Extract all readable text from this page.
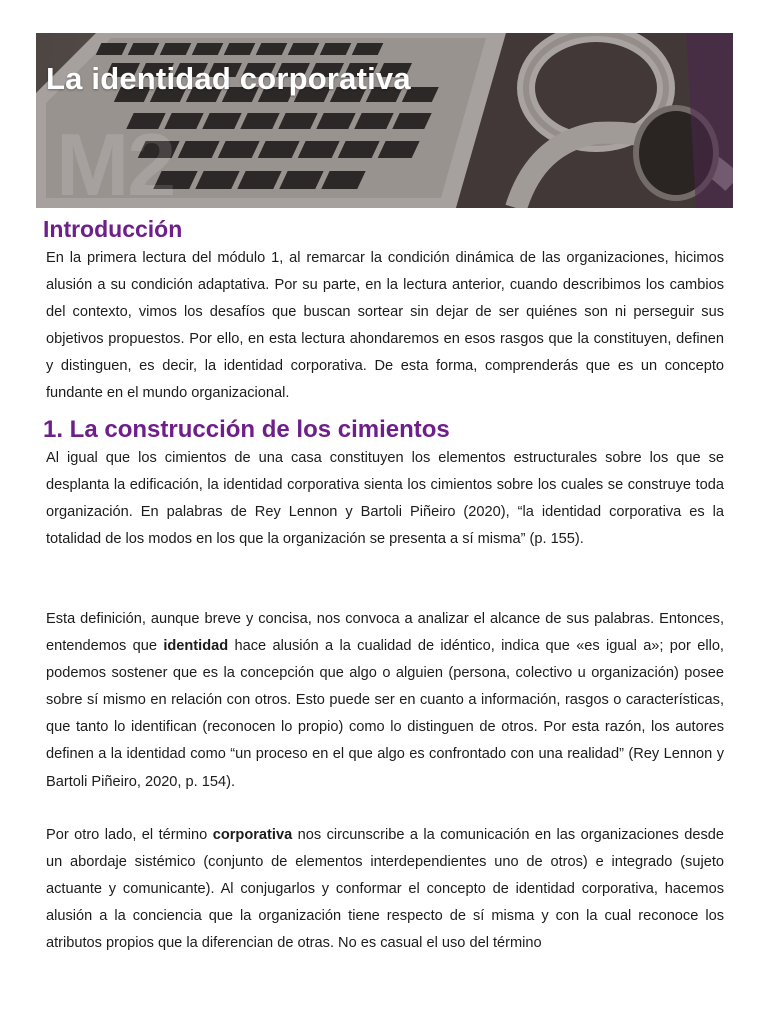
M2
La identidad corporativa
Introducción

En la primera lectura del módulo 1, al remarcar la condición dinámica de las organizaciones, hicimos alusión a su condición adaptativa. Por su parte, en la lectura anterior, cuando describimos los cambios del contexto, vimos los desafíos que buscan sortear sin dejar de ser quiénes son ni perseguir sus objetivos propuestos. Por ello, en esta lectura ahondaremos en esos rasgos que la constituyen, definen y distinguen, es decir, la identidad corporativa. De esta forma, comprenderás que es un concepto fundante en el mundo organizacional.

1. La construcción de los cimientos

Al igual que los cimientos de una casa constituyen los elementos estructurales sobre los que se desplanta la edificación, la identidad corporativa sienta los cimientos sobre los cuales se construye toda organización. En palabras de Rey Lennon y Bartoli Piñeiro (2020), “la identidad corporativa es la totalidad de los modos en los que la organización se presenta a sí misma” (p. 155).

Esta definición, aunque breve y concisa, nos convoca a analizar el alcance de sus palabras. Entonces, entendemos que identidad hace alusión a la cualidad de idéntico, indica que «es igual a»; por ello, podemos sostener que es la concepción que algo o alguien (persona, colectivo u organización) posee sobre sí mismo en relación con otros. Esto puede ser en cuanto a información, rasgos o características, que tanto lo identifican (reconocen lo propio) como lo distinguen de otros. Por esta razón, los autores definen a la identidad como “un proceso en el que algo es confrontado con una realidad” (Rey Lennon y Bartoli Piñeiro, 2020, p. 154).

Por otro lado, el término corporativa nos circunscribe a la comunicación en las organizaciones desde un abordaje sistémico (conjunto de elementos interdependientes uno de otros) e integrado (sujeto actuante y comunicante). Al conjugarlos y conformar el concepto de identidad corporativa, hacemos alusión a la conciencia que la organización tiene respecto de sí misma y con la cual reconoce los atributos propios que la diferencian de otras. No es casual el uso del término
